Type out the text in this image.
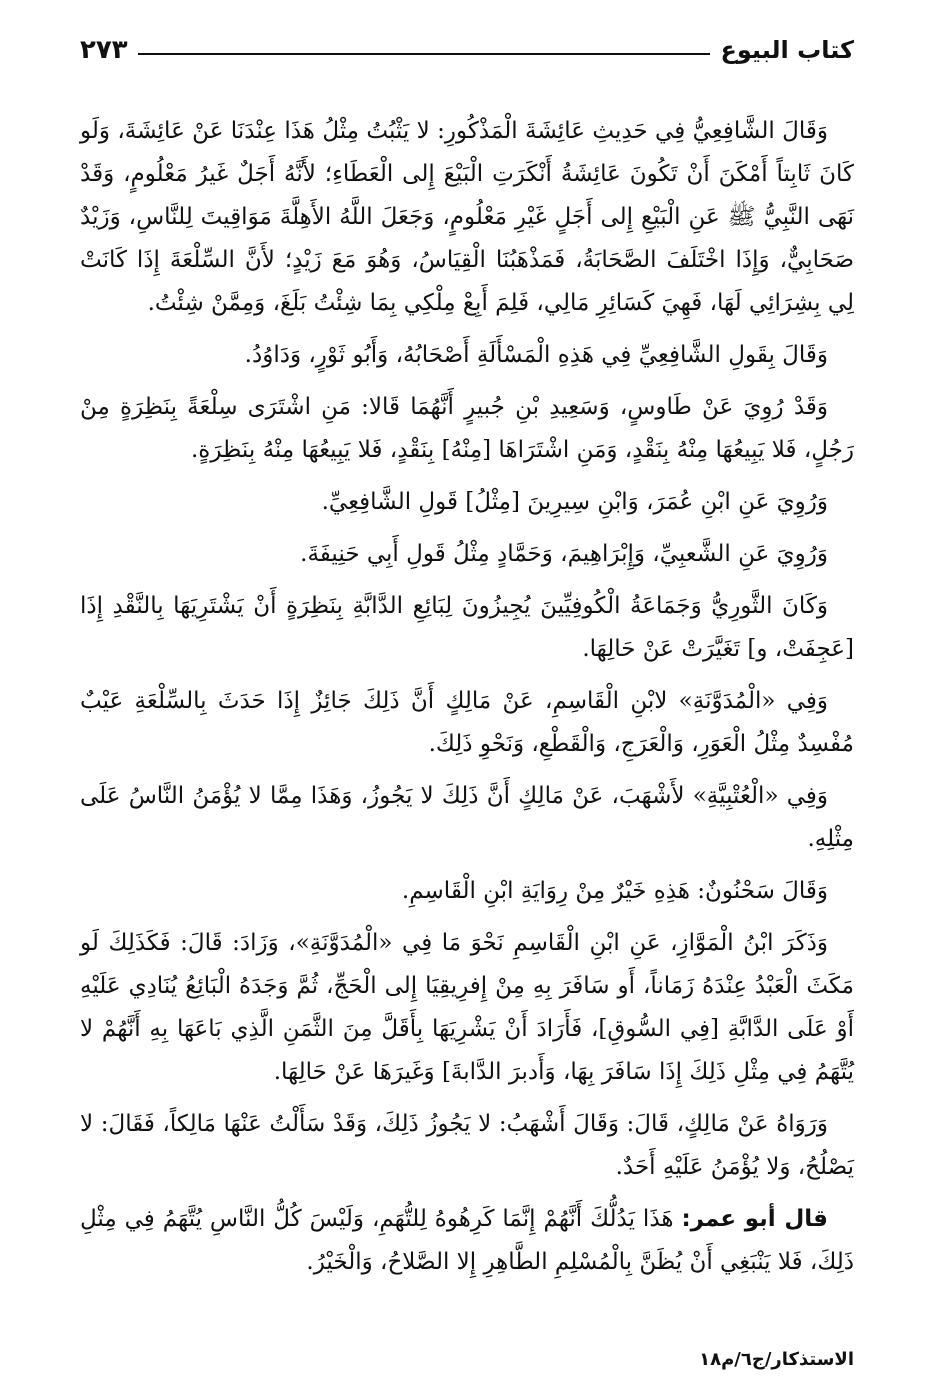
كتاب البيوع
٢٧٣

وَقَالَ الشَّافِعِيُّ فِي حَدِيثِ عَائِشَةَ الْمَذْكُورِ: لا يَثْبُتُ مِثْلُ هَذَا عِنْدَنَا عَنْ عَائِشَةَ، وَلَو كَانَ ثَابِتاً أَمْكَنَ أَنْ تَكُونَ عَائِشَةُ أَنْكَرَتِ الْبَيْعَ إِلى الْعَطَاءِ؛ لأَنَّهُ أَجَلٌ غَيرُ مَعْلُومٍ، وَقَدْ نَهَى النَّبِيُّ ﷺ عَنِ الْبَيْعِ إِلى أَجَلٍ غَيْرِ مَعْلُومٍ، وَجَعَلَ اللَّهُ الأَهِلَّةَ مَوَاقِيتَ لِلنَّاسِ، وَزَيْدٌ صَحَابِيٌّ، وَإِذَا اخْتَلَفَ الصَّحَابَةُ، فَمَذْهَبُنَا الْقِيَاسُ، وَهُوَ مَعَ زَيْدٍ؛ لأَنَّ السِّلْعَةَ إِذَا كَانَتْ لِي بِشِرَائِي لَهَا، فَهِيَ كَسَائِرِ مَالِي، فَلِمَ أَبِعْ مِلْكِي بِمَا شِئْتُ بَلَغَ، وَمِمَّنْ شِئْتُ.

وَقَالَ بِقَولِ الشَّافِعِيِّ فِي هَذِهِ الْمَسْأَلَةِ أَصْحَابُهُ، وَأَبُو ثَوْرٍ، وَدَاوُدُ.

وَقَدْ رُوِيَ عَنْ طَاوسٍ، وَسَعِيدِ بْنِ جُبيرٍ أَنَّهُمَا قَالا: مَنِ اشْتَرَى سِلْعَةً بِنَظِرَةٍ مِنْ رَجُلٍ، فَلا يَبِيعُهَا مِنْهُ بِنَقْدٍ، وَمَنِ اشْتَرَاهَا [مِنْهُ] بِنَقْدٍ، فَلا يَبِيعُهَا مِنْهُ بِنَظِرَةٍ.

وَرُوِيَ عَنِ ابْنِ عُمَرَ، وَابْنِ سِيرِينَ [مِثْلُ] قَولِ الشَّافِعِيِّ.

وَرُوِيَ عَنِ الشَّعبِيِّ، وَإِبْرَاهِيمَ، وَحَمَّادٍ مِثْلُ قَولِ أَبِي حَنِيفَةَ.

وَكَانَ الثَّورِيُّ وَجَمَاعَةُ الْكُوفِيِّينَ يُجِيزُونَ لِبَائِعِ الدَّابَّةِ بِنَظِرَةٍ أَنْ يَشْتَرِيَهَا بِالنَّقْدِ إِذَا [عَجِفَتْ، و] تَغَيَّرَتْ عَنْ حَالِهَا.

وَفِي «الْمُدَوَّنَةِ» لابْنِ الْقَاسِمِ، عَنْ مَالِكٍ أَنَّ ذَلِكَ جَائِزٌ إِذَا حَدَثَ بِالسِّلْعَةِ عَيْبٌ مُفْسِدٌ مِثْلُ الْعَوَرِ، وَالْعَرَجِ، وَالْقَطْعِ، وَنَحْوِ ذَلِكَ.

وَفِي «الْعُتْبِيَّةِ» لأَشْهَبَ، عَنْ مَالِكٍ أَنَّ ذَلِكَ لا يَجُوزُ، وَهَذَا مِمَّا لا يُؤْمَنُ النَّاسُ عَلَى مِثْلِهِ.

وَقَالَ سَحْنُونٌ: هَذِهِ خَيْرٌ مِنْ رِوَايَةِ ابْنِ الْقَاسِمِ.

وَذَكَرَ ابْنُ الْمَوَّازِ، عَنِ ابْنِ الْقَاسِمِ نَحْوَ مَا فِي «الْمُدَوَّنَةِ»، وَزَادَ: قَالَ: فَكَذَلِكَ لَو مَكَثَ الْعَبْدُ عِنْدَهُ زَمَاناً، أَو سَافَرَ بِهِ مِنْ إِفرِيقِيَا إِلى الْحَجِّ، ثُمَّ وَجَدَهُ الْبَائِعُ يُنَادِي عَلَيْهِ أَوْ عَلَى الدَّابَّةِ [فِي السُّوقِ]، فَأَرَادَ أَنْ يَشْرِيَهَا بِأَقَلَّ مِنَ الثَّمَنِ الَّذِي بَاعَهَا بِهِ أَنَّهُمْ لا يُتَّهَمُ فِي مِثْلِ ذَلِكَ إِذَا سَافَرَ بِهَا، وَأَدبرَ الدَّابةَ] وَغَيرَهَا عَنْ حَالِهَا.

وَرَوَاهُ عَنْ مَالِكٍ، قَالَ: وَقَالَ أَشْهَبُ: لا يَجُوزُ ذَلِكَ، وَقَدْ سَأَلْتُ عَنْهَا مَالِكاً، فَقَالَ: لا يَصْلُحُ، وَلا يُؤْمَنُ عَلَيْهِ أَحَدٌ.

قال أبو عمر: هَذَا يَدُلُّكَ أَنَّهُمْ إِنَّمَا كَرِهُوهُ لِلتُّهَمِ، وَلَيْسَ كُلُّ النَّاسِ يُتَّهَمُ فِي مِثْلِ ذَلِكَ، فَلا يَنْبَغِي أَنْ يُظَنَّ بِالْمُسْلِمِ الطَّاهِرِ إِلا الصَّلاحُ، وَالْخَيْرُ.

الاستذكار/ج٦/م١٨
